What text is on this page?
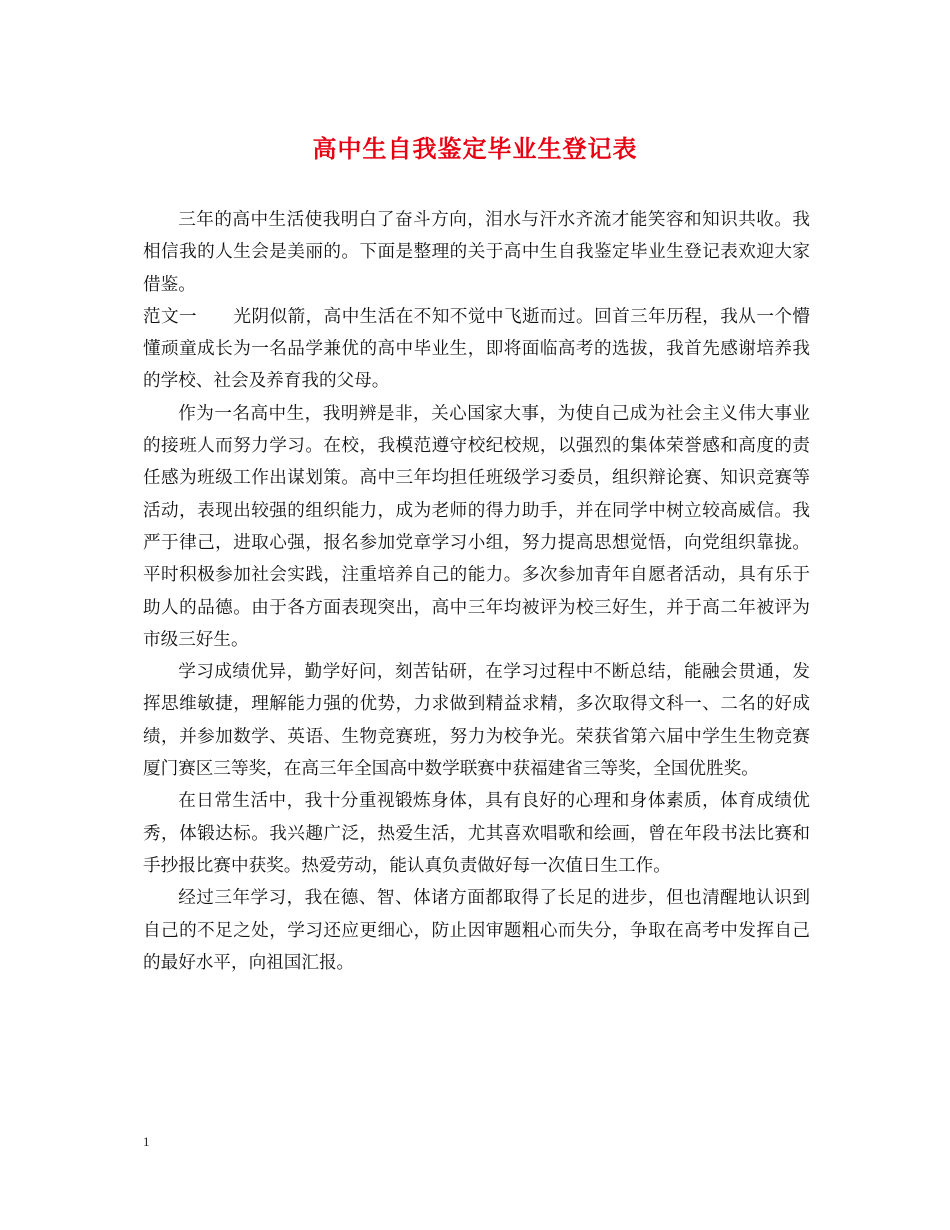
高中生自我鉴定毕业生登记表

三年的高中生活使我明白了奋斗方向，泪水与汗水齐流才能笑容和知识共收。我相信我的人生会是美丽的。下面是整理的关于高中生自我鉴定毕业生登记表欢迎大家借鉴。

范文一 光阴似箭，高中生活在不知不觉中飞逝而过。回首三年历程，我从一个懵懂顽童成长为一名品学兼优的高中毕业生，即将面临高考的选拔，我首先感谢培养我的学校、社会及养育我的父母。

作为一名高中生，我明辨是非，关心国家大事，为使自己成为社会主义伟大事业的接班人而努力学习。在校，我模范遵守校纪校规，以强烈的集体荣誉感和高度的责任感为班级工作出谋划策。高中三年均担任班级学习委员，组织辩论赛、知识竞赛等活动，表现出较强的组织能力，成为老师的得力助手，并在同学中树立较高威信。我严于律己，进取心强，报名参加党章学习小组，努力提高思想觉悟，向党组织靠拢。平时积极参加社会实践，注重培养自己的能力。多次参加青年自愿者活动，具有乐于助人的品德。由于各方面表现突出，高中三年均被评为校三好生，并于高二年被评为市级三好生。

学习成绩优异，勤学好问，刻苦钻研，在学习过程中不断总结，能融会贯通，发挥思维敏捷，理解能力强的优势，力求做到精益求精，多次取得文科一、二名的好成绩，并参加数学、英语、生物竞赛班，努力为校争光。荣获省第六届中学生生物竞赛厦门赛区三等奖，在高三年全国高中数学联赛中获福建省三等奖，全国优胜奖。

在日常生活中，我十分重视锻炼身体，具有良好的心理和身体素质，体育成绩优秀，体锻达标。我兴趣广泛，热爱生活，尤其喜欢唱歌和绘画，曾在年段书法比赛和手抄报比赛中获奖。热爱劳动，能认真负责做好每一次值日生工作。

经过三年学习，我在德、智、体诸方面都取得了长足的进步，但也清醒地认识到自己的不足之处，学习还应更细心，防止因审题粗心而失分，争取在高考中发挥自己的最好水平，向祖国汇报。

1
